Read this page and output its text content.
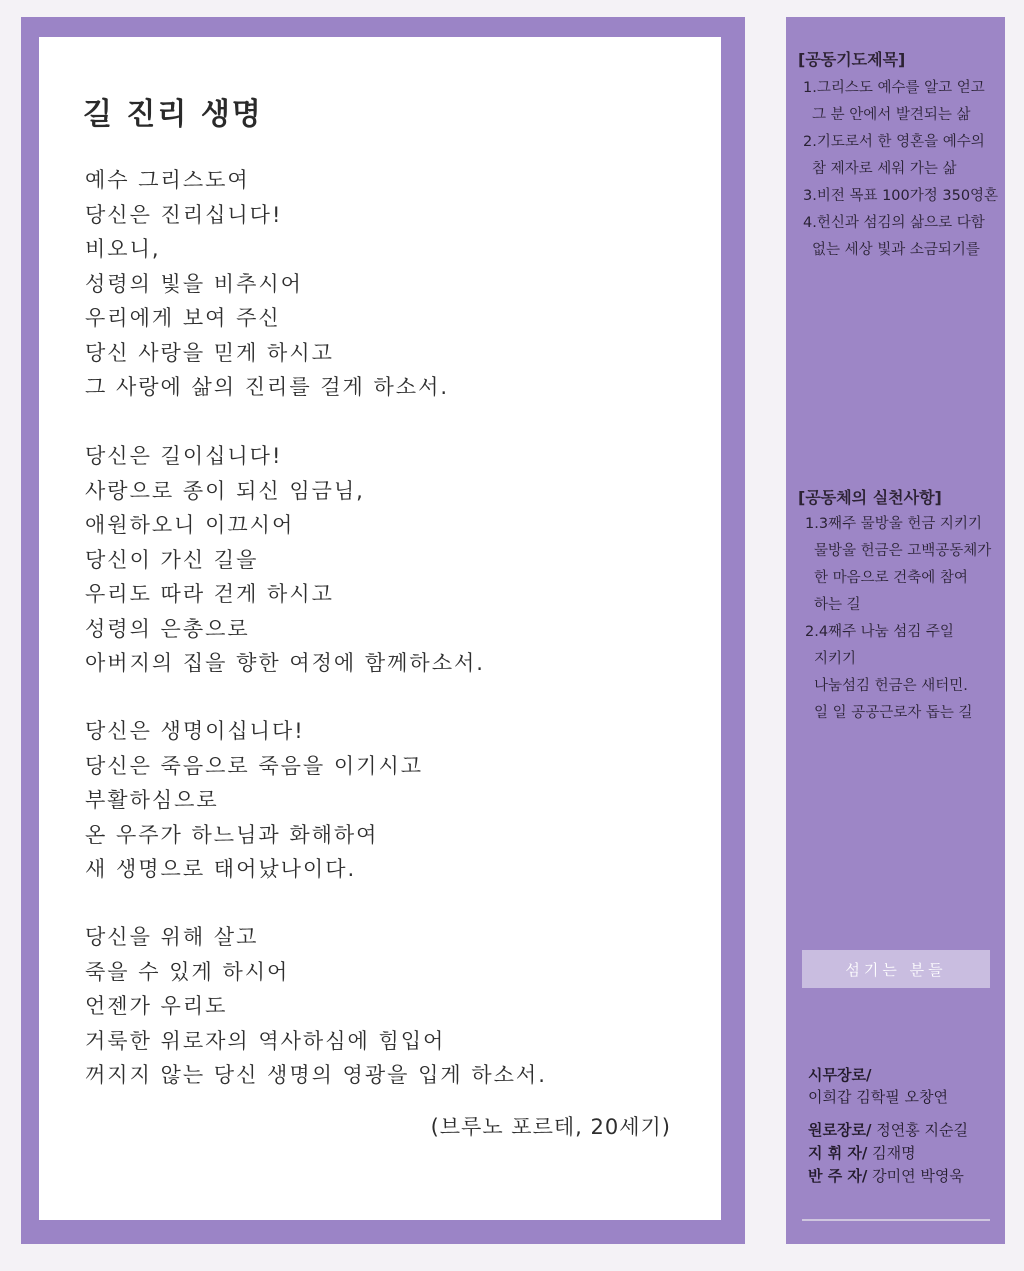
길 진리 생명
예수 그리스도여
당신은 진리십니다!
비오니,
성령의 빛을 비추시어
우리에게 보여 주신
당신 사랑을 믿게 하시고
그 사랑에 삶의 진리를 걸게 하소서.
당신은 길이십니다!
사랑으로 종이 되신 임금님,
애원하오니 이끄시어
당신이 가신 길을
우리도 따라 걷게 하시고
성령의 은총으로
아버지의 집을 향한 여정에 함께하소서.
당신은 생명이십니다!
당신은 죽음으로 죽음을 이기시고
부활하심으로
온 우주가 하느님과 화해하여
새 생명으로 태어났나이다.
당신을 위해 살고
죽을 수 있게 하시어
언젠가 우리도
거룩한 위로자의 역사하심에 힘입어
꺼지지 않는 당신 생명의 영광을 입게 하소서.
(브루노 포르테, 20세기)
[공동기도제목]
1.그리스도 예수를 알고 얻고
그 분 안에서 발견되는 삶
2.기도로서 한 영혼을 예수의
참 제자로 세워 가는 삶
3.비전 목표 100가정 350영혼
4.헌신과 섬김의 삶으로 다함
없는 세상 빛과 소금되기를
[공동체의 실천사항]
1.3째주 물방울 헌금 지키기
물방울 헌금은 고백공동체가
한 마음으로 건축에 참여
하는 길
2.4째주 나눔 섬김 주일
지키기
나눔섬김 헌금은 새터민.
일 일 공공근로자 돕는 길
섬기는 분들
시무장로/
이희갑 김학필 오창연
원로장로/ 정연홍 지순길
지 휘 자/ 김재명
반 주 자/ 강미연 박영욱
